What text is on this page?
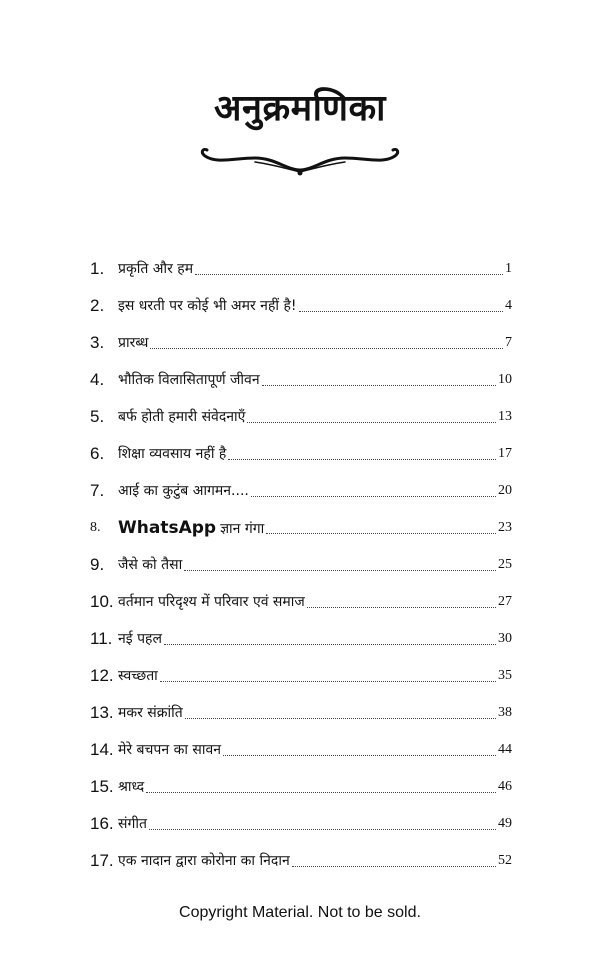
अनुक्रमणिका
1. प्रकृति और हम	1
2. इस धरती पर कोई भी अमर नहीं है!	4
3. प्रारब्ध	7
4. भौतिक विलासितापूर्ण जीवन	10
5. बर्फ होती हमारी संवेदनाएँ	13
6. शिक्षा व्यवसाय नहीं है	17
7. आई का कुटुंब आगमन....	20
8.	WhatsApp ज्ञान गंगा	23
9. जैसे को तैसा	25
10. वर्तमान परिदृश्य में परिवार एवं समाज	27
11. नई पहल	30
12. स्वच्छता	35
13. मकर संक्रांति	38
14. मेरे बचपन का सावन	44
15. श्राध्द	46
16. संगीत	49
17. एक नादान द्वारा कोरोना का निदान	52
Copyright Material. Not to be sold.
